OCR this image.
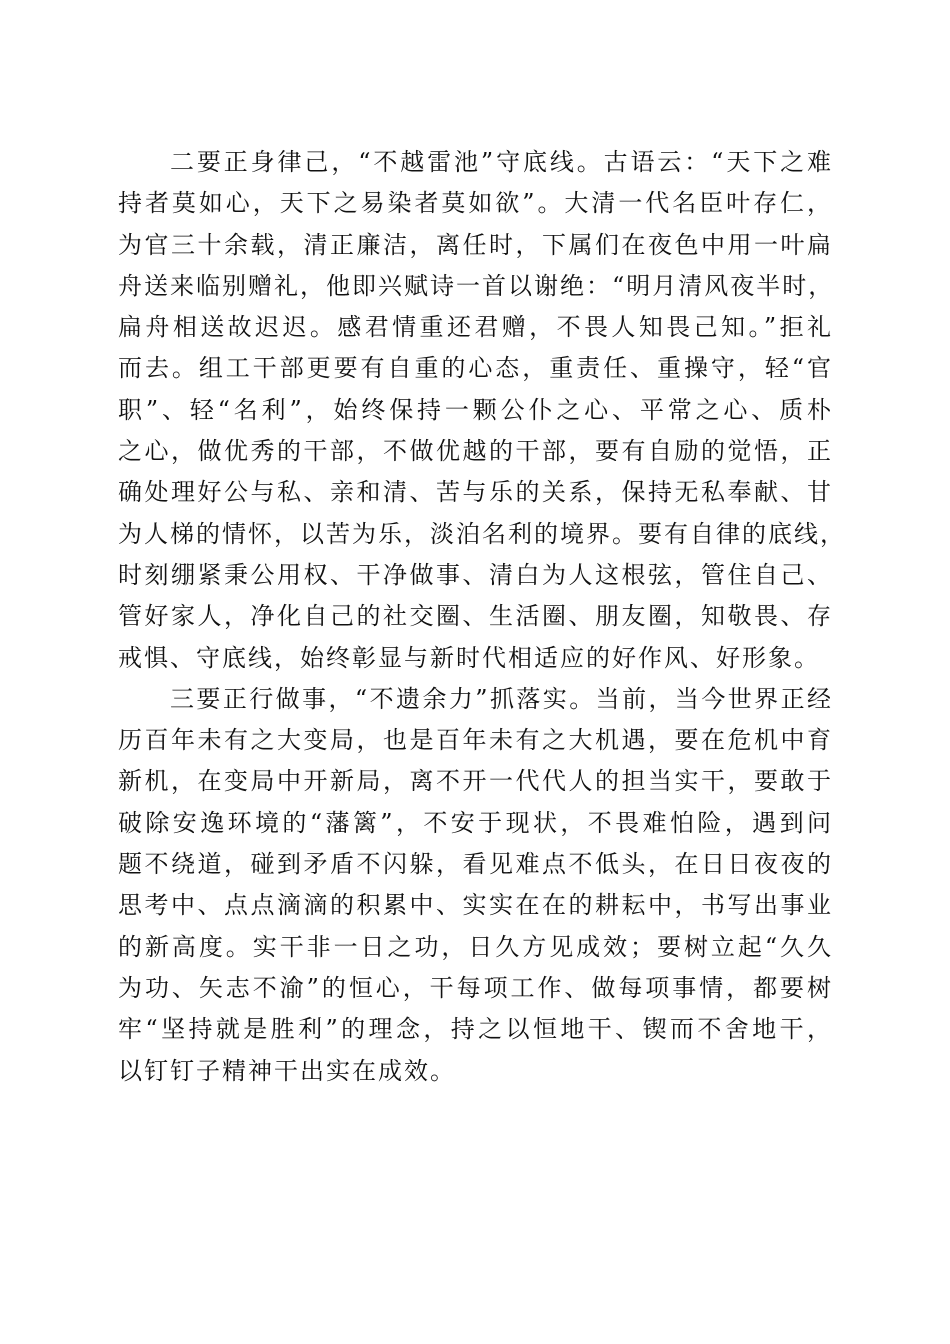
二要正身律己，“不越雷池”守底线。古语云：“天下之难
持者莫如心，天下之易染者莫如欲”。大清一代名臣叶存仁，
为官三十余载，清正廉洁，离任时，下属们在夜色中用一叶扁
舟送来临别赠礼，他即兴赋诗一首以谢绝：“明月清风夜半时，
扁舟相送故迟迟。感君情重还君赠，不畏人知畏己知。”拒礼
而去。组工干部更要有自重的心态，重责任、重操守，轻“官
职”、轻“名利”，始终保持一颗公仆之心、平常之心、质朴
之心，做优秀的干部，不做优越的干部，要有自励的觉悟，正
确处理好公与私、亲和清、苦与乐的关系，保持无私奉献、甘
为人梯的情怀，以苦为乐，淡泊名利的境界。要有自律的底线，
时刻绷紧秉公用权、干净做事、清白为人这根弦，管住自己、
管好家人，净化自己的社交圈、生活圈、朋友圈，知敬畏、存
戒惧、守底线，始终彰显与新时代相适应的好作风、好形象。
三要正行做事，“不遗余力”抓落实。当前，当今世界正经
历百年未有之大变局，也是百年未有之大机遇，要在危机中育
新机，在变局中开新局，离不开一代代人的担当实干，要敢于
破除安逸环境的“藩篱”，不安于现状，不畏难怕险，遇到问
题不绕道，碰到矛盾不闪躲，看见难点不低头，在日日夜夜的
思考中、点点滴滴的积累中、实实在在的耕耘中，书写出事业
的新高度。实干非一日之功，日久方见成效；要树立起“久久
为功、矢志不渝”的恒心，干每项工作、做每项事情，都要树
牢“坚持就是胜利”的理念，持之以恒地干、锲而不舍地干，
以钉钉子精神干出实在成效。
